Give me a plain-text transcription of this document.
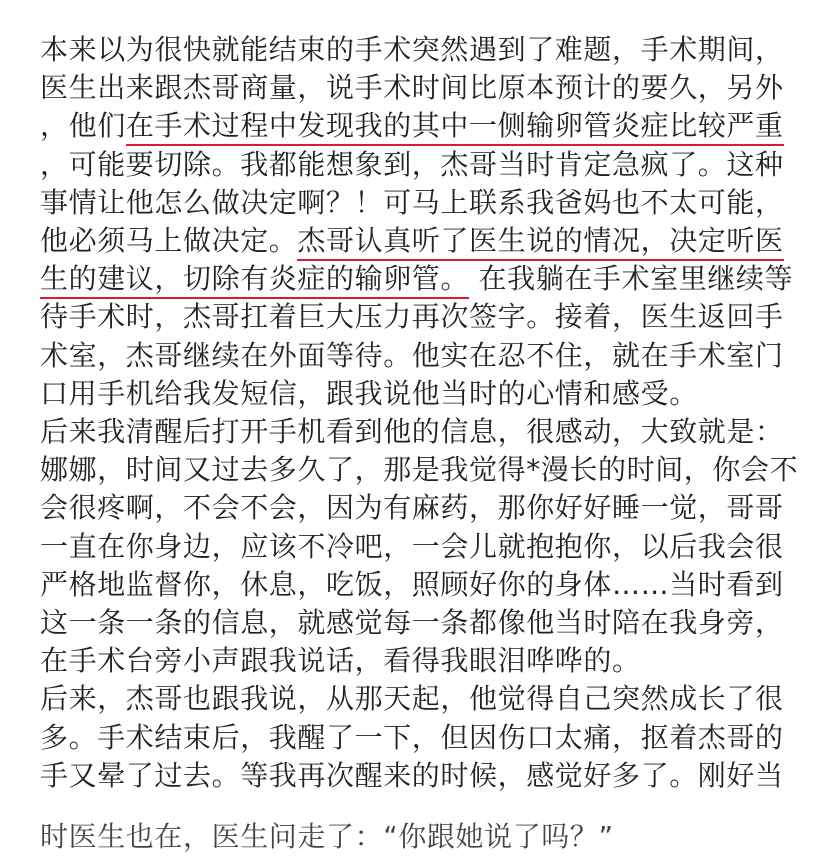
本来以为很快就能结束的手术突然遇到了难题，手术期间，
医生出来跟杰哥商量，说手术时间比原本预计的要久，另外
，他们在手术过程中发现我的其中一侧输卵管炎症比较严重
，可能要切除。我都能想象到，杰哥当时肯定急疯了。这种
事情让他怎么做决定啊？！可马上联系我爸妈也不太可能，
他必须马上做决定。杰哥认真听了医生说的情况，决定听医
生的建议，切除有炎症的输卵管。 在我躺在手术室里继续等
待手术时，杰哥扛着巨大压力再次签字。接着，医生返回手
术室，杰哥继续在外面等待。他实在忍不住，就在手术室门
口用手机给我发短信，跟我说他当时的心情和感受。
后来我清醒后打开手机看到他的信息，很感动，大致就是：
娜娜，时间又过去多久了，那是我觉得*漫长的时间，你会不
会很疼啊，不会不会，因为有麻药，那你好好睡一觉，哥哥
一直在你身边，应该不冷吧，一会儿就抱抱你，以后我会很
严格地监督你，休息，吃饭，照顾好你的身体……当时看到
这一条一条的信息，就感觉每一条都像他当时陪在我身旁，
在手术台旁小声跟我说话，看得我眼泪哗哗的。
后来，杰哥也跟我说，从那天起，他觉得自己突然成长了很
多。手术结束后，我醒了一下，但因伤口太痛，抠着杰哥的
手又晕了过去。等我再次醒来的时候，感觉好多了。刚好当
时医生也在，医生问走了：“你跟她说了吗？”
